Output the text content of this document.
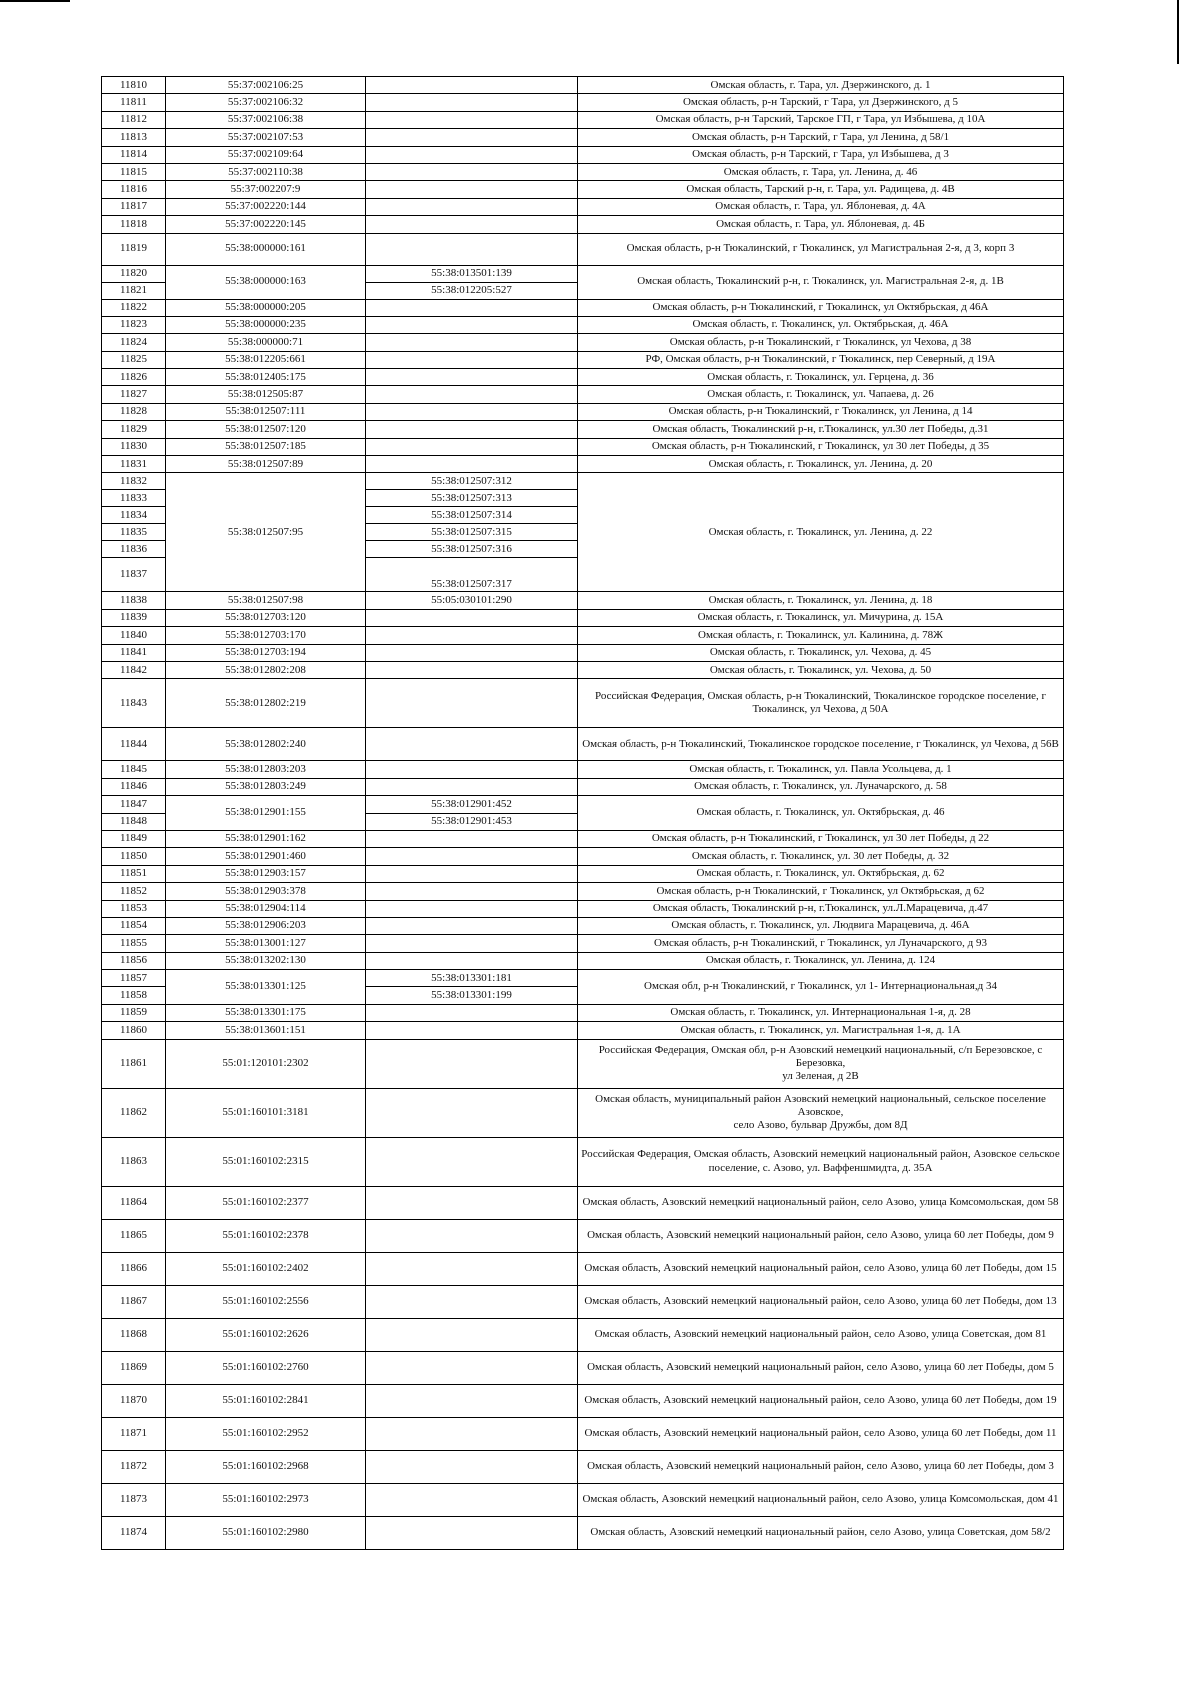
11810	55:37:002106:25		Омская область, г. Тара, ул. Дзержинского, д. 1
11811	55:37:002106:32		Омская область, р-н Тарский, г Тара, ул Дзержинского, д 5
11812	55:37:002106:38		Омская область, р-н Тарский, Тарское ГП, г Тара, ул Избышева, д 10А
11813	55:37:002107:53		Омская область, р-н Тарский, г Тара, ул Ленина, д 58/1
11814	55:37:002109:64		Омская область, р-н Тарский, г Тара, ул Избышева, д 3
11815	55:37:002110:38		Омская область, г. Тара, ул. Ленина, д. 46
11816	55:37:002207:9		Омская область, Тарский р-н, г. Тара, ул. Радищева, д. 4В
11817	55:37:002220:144		Омская область, г. Тара, ул. Яблоневая, д. 4А
11818	55:37:002220:145		Омская область, г. Тара, ул. Яблоневая, д. 4Б
11819	55:38:000000:161		Омская область, р-н Тюкалинский, г Тюкалинск, ул Магистральная 2-я, д 3, корп 3
11820	55:38:000000:163	55:38:013501:139	Омская область, Тюкалинский р-н, г. Тюкалинск, ул. Магистральная 2-я, д. 1В
11821		55:38:012205:527	
11822	55:38:000000:205		Омская область, р-н Тюкалинский, г Тюкалинск, ул Октябрьская, д 46А
11823	55:38:000000:235		Омская область, г. Тюкалинск, ул. Октябрьская, д. 46А
11824	55:38:000000:71		Омская область, р-н Тюкалинский, г Тюкалинск, ул Чехова, д 38
11825	55:38:012205:661		РФ, Омская область, р-н Тюкалинский, г Тюкалинск, пер Северный, д 19А
11826	55:38:012405:175		Омская область, г. Тюкалинск, ул. Герцена, д. 36
11827	55:38:012505:87		Омская область, г. Тюкалинск, ул. Чапаева, д. 26
11828	55:38:012507:111		Омская область, р-н Тюкалинский, г Тюкалинск, ул Ленина, д 14
11829	55:38:012507:120		Омская область, Тюкалинский р-н, г.Тюкалинск, ул.30 лет Победы, д.31
11830	55:38:012507:185		Омская область, р-н Тюкалинский, г Тюкалинск, ул 30 лет Победы, д 35
11831	55:38:012507:89		Омская область, г. Тюкалинск, ул. Ленина, д. 20
11832	55:38:012507:95	55:38:012507:312	Омская область, г. Тюкалинск, ул. Ленина, д. 22
11833		55:38:012507:313	
11834		55:38:012507:314	
11835		55:38:012507:315	
11836		55:38:012507:316	
11837		55:38:012507:317	
11838	55:38:012507:98	55:05:030101:290	Омская область, г. Тюкалинск, ул. Ленина, д. 18
11839	55:38:012703:120		Омская область, г. Тюкалинск, ул. Мичурина, д. 15А
11840	55:38:012703:170		Омская область, г. Тюкалинск, ул. Калинина, д. 78Ж
11841	55:38:012703:194		Омская область, г. Тюкалинск, ул. Чехова, д. 45
11842	55:38:012802:208		Омская область, г. Тюкалинск, ул. Чехова, д. 50
11843	55:38:012802:219		Российская Федерация, Омская область, р-н Тюкалинский, Тюкалинское городское поселение, г
Тюкалинск, ул Чехова, д 50А
11844	55:38:012802:240		Омская область, р-н Тюкалинский, Тюкалинское городское поселение, г Тюкалинск, ул Чехова, д 56В
11845	55:38:012803:203		Омская область, г. Тюкалинск, ул. Павла Усольцева, д. 1
11846	55:38:012803:249		Омская область, г. Тюкалинск, ул. Луначарского, д. 58
11847	55:38:012901:155	55:38:012901:452	Омская область, г. Тюкалинск, ул. Октябрьская, д. 46
11848		55:38:012901:453	
11849	55:38:012901:162		Омская область, р-н Тюкалинский, г Тюкалинск, ул 30 лет Победы, д 22
11850	55:38:012901:460		Омская область, г. Тюкалинск, ул. 30 лет Победы, д. 32
11851	55:38:012903:157		Омская область, г. Тюкалинск, ул. Октябрьская, д. 62
11852	55:38:012903:378		Омская область, р-н Тюкалинский, г Тюкалинск, ул Октябрьская, д 62
11853	55:38:012904:114		Омская область, Тюкалинский р-н, г.Тюкалинск, ул.Л.Марацевича, д.47
11854	55:38:012906:203		Омская область, г. Тюкалинск, ул. Людвига Марацевича, д. 46А
11855	55:38:013001:127		Омская область, р-н Тюкалинский, г Тюкалинск, ул Луначарского, д 93
11856	55:38:013202:130		Омская область, г. Тюкалинск, ул. Ленина, д. 124
11857	55:38:013301:125	55:38:013301:181	Омская обл, р-н Тюкалинский, г Тюкалинск, ул 1- Интернациональная,д 34
11858		55:38:013301:199	
11859	55:38:013301:175		Омская область, г. Тюкалинск, ул. Интернациональная 1-я, д. 28
11860	55:38:013601:151		Омская область, г. Тюкалинск, ул. Магистральная 1-я, д. 1А
11861	55:01:120101:2302		Российская Федерация, Омская обл, р-н Азовский немецкий национальный, с/п Березовское, с Березовка,
ул Зеленая, д 2В
11862	55:01:160101:3181		Омская область, муниципальный район Азовский немецкий национальный, сельское поселение Азовское,
село Азово, бульвар Дружбы, дом 8Д
11863	55:01:160102:2315		Российская Федерация, Омская область, Азовский немецкий национальный район, Азовское сельское
поселение, с. Азово, ул. Ваффеншмидта, д. 35А
11864	55:01:160102:2377		Омская область, Азовский немецкий национальный район, село Азово, улица Комсомольская, дом 58
11865	55:01:160102:2378		Омская область, Азовский немецкий национальный район, село Азово, улица 60 лет Победы, дом 9
11866	55:01:160102:2402		Омская область, Азовский немецкий национальный район, село Азово, улица 60 лет Победы, дом 15
11867	55:01:160102:2556		Омская область, Азовский немецкий национальный район, село Азово, улица 60 лет Победы, дом 13
11868	55:01:160102:2626		Омская область, Азовский немецкий национальный район, село Азово, улица Советская, дом 81
11869	55:01:160102:2760		Омская область, Азовский немецкий национальный район, село Азово, улица 60 лет Победы, дом 5
11870	55:01:160102:2841		Омская область, Азовский немецкий национальный район, село Азово, улица 60 лет Победы, дом 19
11871	55:01:160102:2952		Омская область, Азовский немецкий национальный район, село Азово, улица 60 лет Победы, дом 11
11872	55:01:160102:2968		Омская область, Азовский немецкий национальный район, село Азово, улица 60 лет Победы, дом 3
11873	55:01:160102:2973		Омская область, Азовский немецкий национальный район, село Азово, улица Комсомольская, дом 41
11874	55:01:160102:2980		Омская область, Азовский немецкий национальный район, село Азово, улица Советская, дом 58/2
